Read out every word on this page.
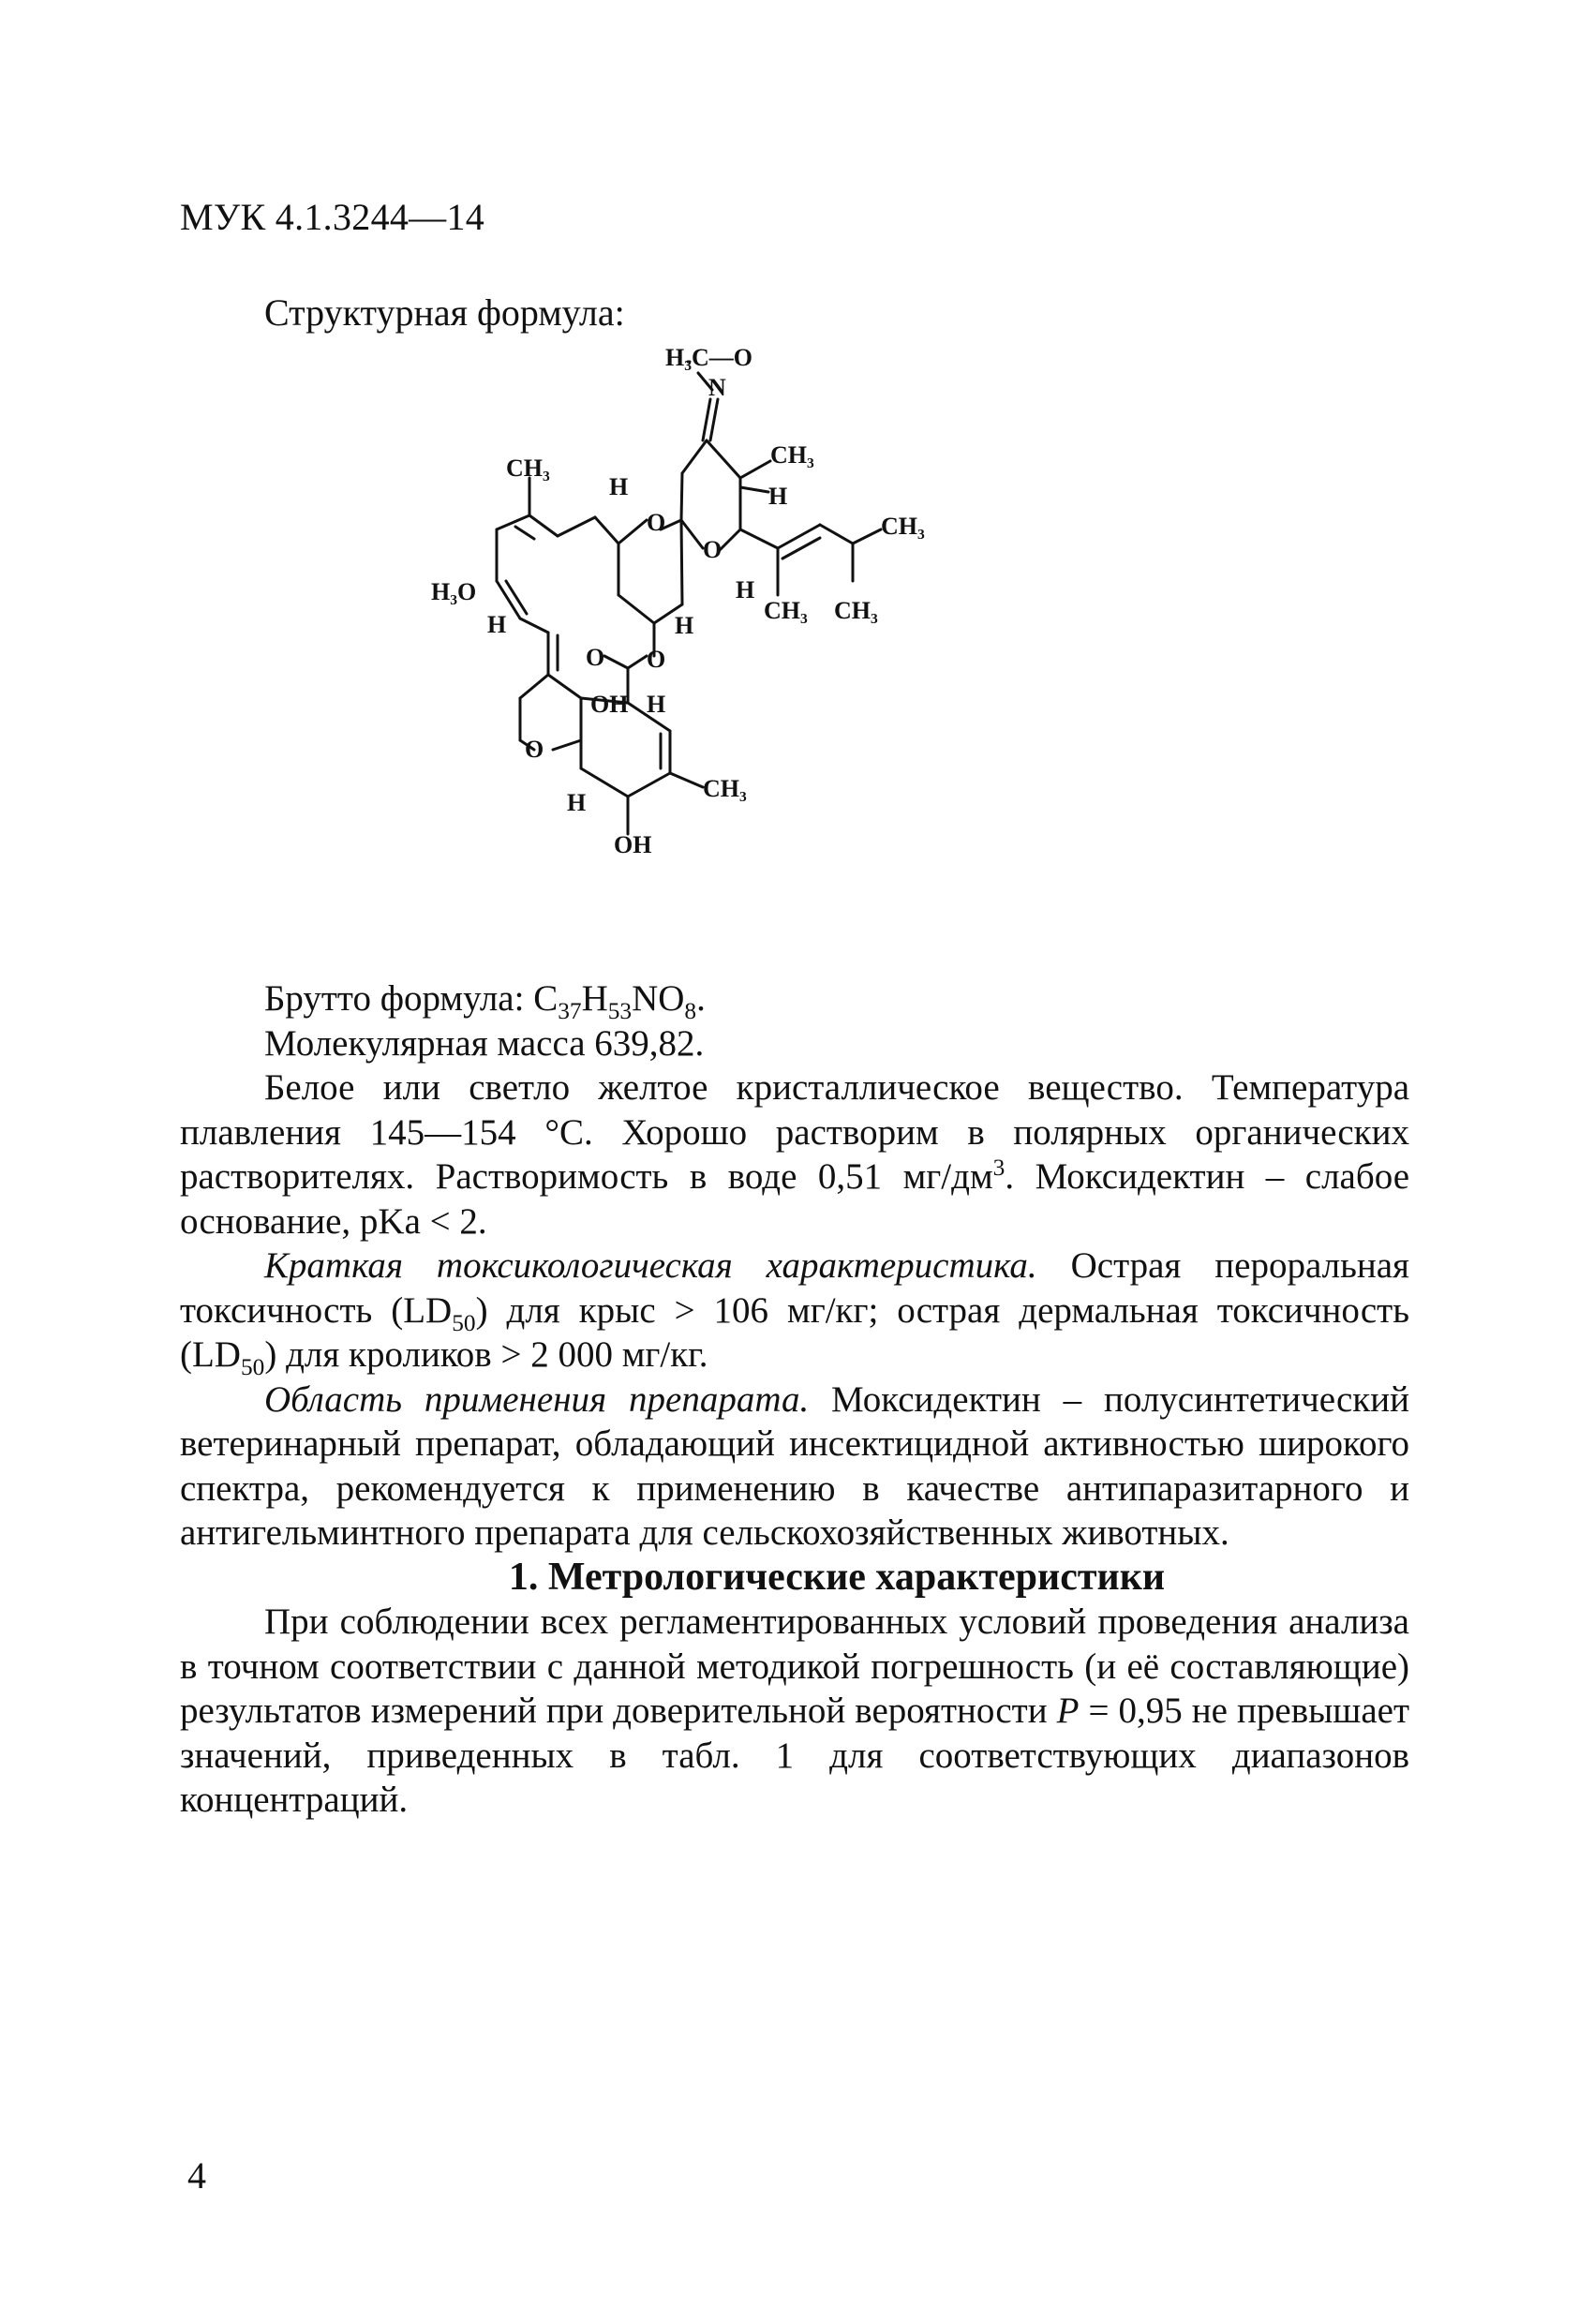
МУК 4.1.3244—14
Структурная формула:
H₃C—O
N
CH₃
H
O
CH₃
H
O
CH₃
H
CH₃ CH₃
H₃O
H	H
O O
OH H
O
CH₃
H
OH

Брутто формула: $C_{37}H_{53}NO_8$.

Молекулярная масса 639,82.

Белое или светло желтое кристаллическое вещество. Температура плавления 145—154 °C. Хорошо растворим в полярных органических растворителях. Растворимость в воде 0,51 $мг/дм^3$. Моксидектин – слабое основание, pKa < 2.

Краткая токсикологическая характеристика. Острая пероральная токсичность $(LD_{50})$ для крыс > 106 мг/кг; острая дермальная токсичность $(LD_{50})$ для кроликов > 2 000 мг/кг.

Область применения препарата. Моксидектин – полусинтетический ветеринарный препарат, обладающий инсектицидной активностью широкого спектра, рекомендуется к применению в качестве антипаразитарного и антигельминтного препарата для сельскохозяйственных животных.

1. Метрологические характеристики

При соблюдении всех регламентированных условий проведения анализа в точном соответствии с данной методикой погрешность (и её составляющие) результатов измерений при доверительной вероятности P = 0,95 не превышает значений, приведенных в табл. 1 для соответствующих диапазонов концентраций.

4
